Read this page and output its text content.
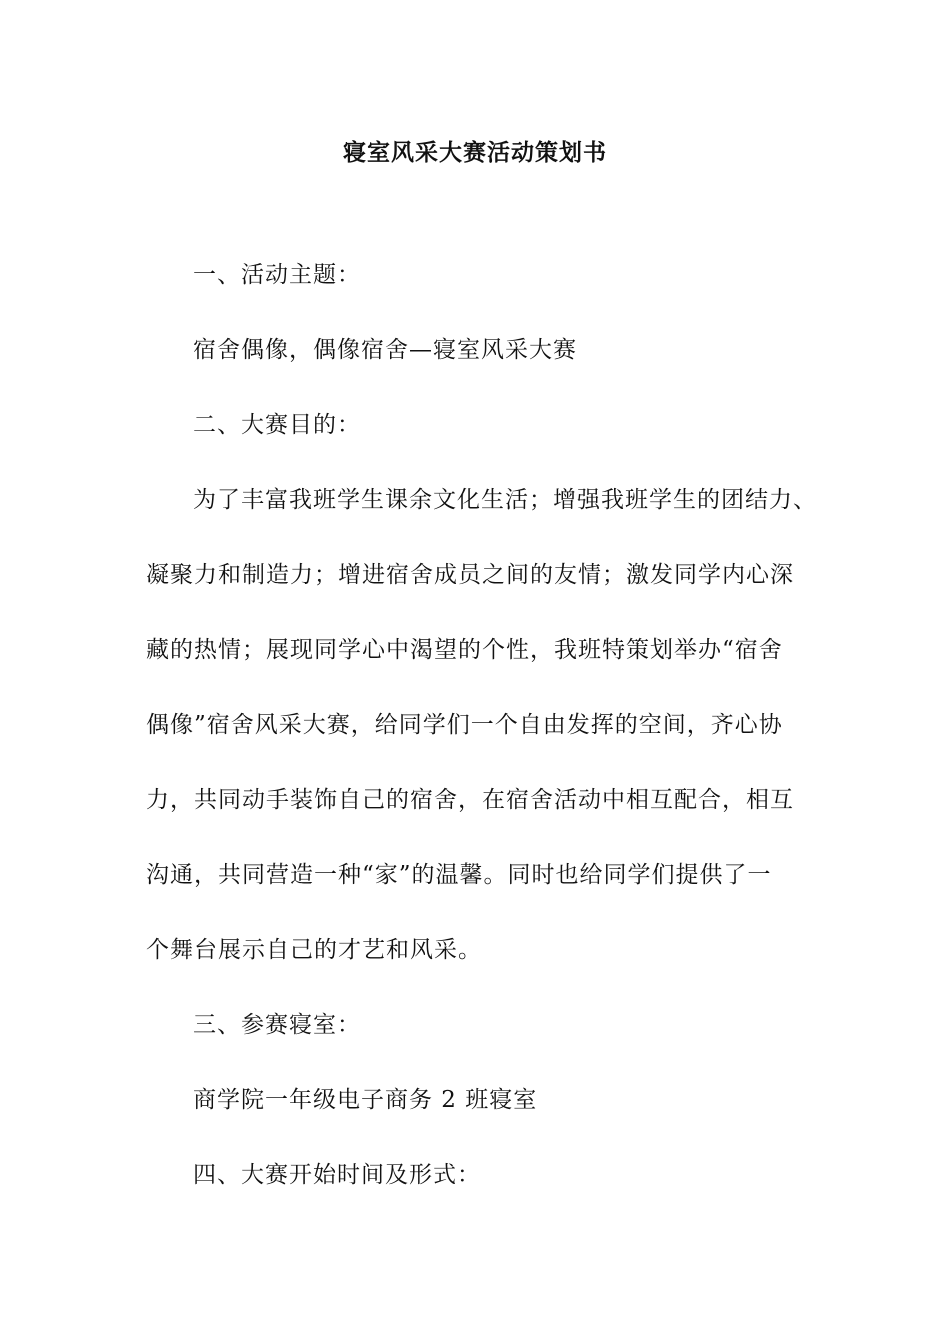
寝室风采大赛活动策划书
一、活动主题：
宿舍偶像，偶像宿舍—寝室风采大赛
二、大赛目的：
为了丰富我班学生课余文化生活；增强我班学生的团结力、
凝聚力和制造力；增进宿舍成员之间的友情；激发同学内心深
藏的热情；展现同学心中渴望的个性，我班特策划举办“宿舍
偶像”宿舍风采大赛，给同学们一个自由发挥的空间，齐心协
力，共同动手装饰自己的宿舍，在宿舍活动中相互配合，相互
沟通，共同营造一种“家”的温馨。同时也给同学们提供了一
个舞台展示自己的才艺和风采。
三、参赛寝室：
商学院一年级电子商务 2 班寝室
四、大赛开始时间及形式：
